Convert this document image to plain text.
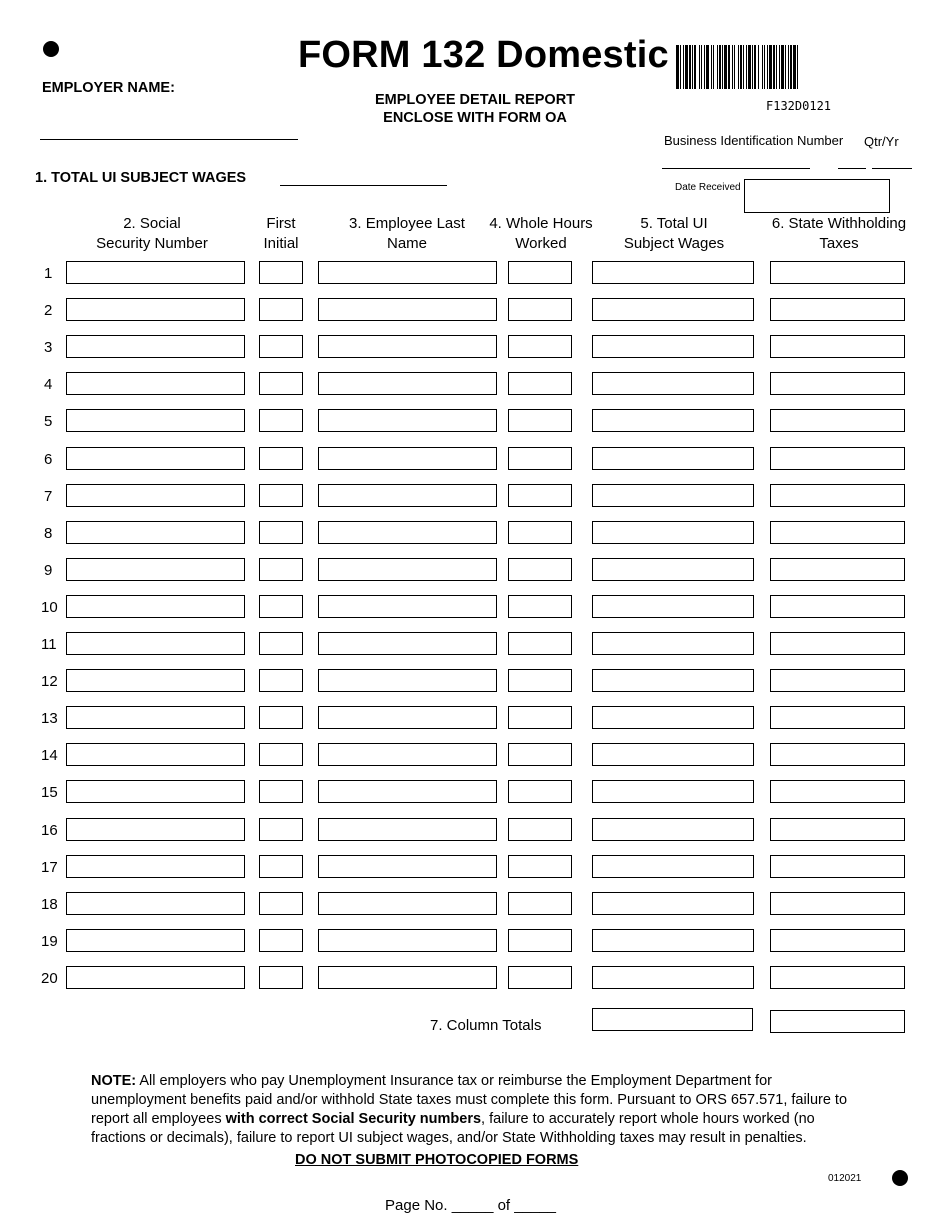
FORM 132 Domestic
EMPLOYEE DETAIL REPORT
ENCLOSE WITH FORM OA
F132D0121
EMPLOYER NAME:
Business Identification Number Qtr/Yr
1. TOTAL UI SUBJECT WAGES
Date Received
2. Social
Security Number
First
Initial
3. Employee Last
Name
4. Whole Hours
Worked
5. Total UI
Subject Wages
6. State Withholding
Taxes
1
2
3
4
5
6
7
8
9
10
11
12
13
14
15
16
17
18
19
20
7. Column Totals
NOTE: All employers who pay Unemployment Insurance tax or reimburse the Employment Department for unemployment benefits paid and/or withhold State taxes must complete this form. Pursuant to ORS 657.571, failure to report all employees with correct Social Security numbers, failure to accurately report whole hours worked (no fractions or decimals), failure to report UI subject wages, and/or State Withholding taxes may result in penalties.
DO NOT SUBMIT PHOTOCOPIED FORMS
012021
Page No. _____ of _____
